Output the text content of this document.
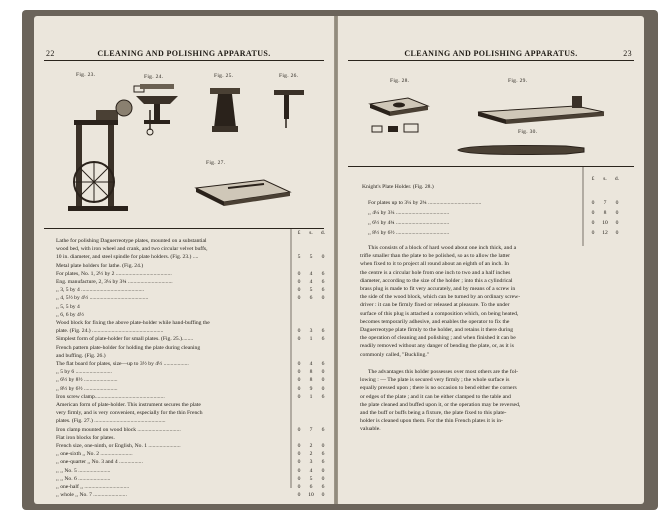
22	CLEANING AND POLISHING APPARATUS.
Fig. 23.	Fig. 24.	Fig. 25.	Fig. 26.
Fig. 27.
£	s.	d.
Lathe for polishing Daguerreotype plates, mounted on a substantial
wood bed, with iron wheel and crank, and two circular velvet buffs,
10 in. diameter, and steel spindle for plate holders. (Fig. 23.) ....	5	5	0
Metal plate holders for lathe. (Fig. 24.)
For plates, No. 1, 2½ by 2 ........................................	0	4	6
Eng. manufacture, 2, 3¼ by 3¾ ................................	0	4	6
,, 3, 5 by 4 .............................................	0	5	6
,, 4, 5½ by 4½ ..........................................	0	6	0
,, 5, 5 by 4
,, 6, 6 by 4½
Wood block for fixing the above plate-holder while hand-buffing the
plate. (Fig. 24.) ...................................................	0	3	6
Simplest form of plate-holder for small plates. (Fig. 25.)........	0	1	6
French pattern plate-holder for holding the plate during cleaning
and buffing. (Fig. 26.)
The flat board for plates, size—up to 3½ by 4½ ..................	0	4	6
,, 5 by 6 ..........................	0	8	0
,, 6½ by 8½ ........................	0	8	0
,, 8½ by 6½ ........................	0	9	0
Iron screw clamp..................................................	0	1	6
American form of plate-holder. This instrument secures the plate
very firmly, and is very convenient, especially for the thin French
plates. (Fig. 27.) ...................................................
Iron clamp mounted on wood block ...............................	0	7	6
Flat iron blocks for plates.
French size, one-ninth, or English, No. 1 .......................	0	2	0
,, one-sixth ,, No. 2 .......................	0	2	6
,, one-quarter ,, No. 3 and 4 .................	0	3	6
,, ,, No. 5 .......................	0	4	0
,, ,, No. 6 .......................	0	5	0
,, one-half ,, ................................	0	6	6
,, whole ,, No. 7 ........................	0	10	0
CLEANING AND POLISHING APPARATUS.	23
Fig. 28.	Fig. 29.
Fig. 30.
£	s.	d.
Knight's Plate Holder. (Fig. 28.)
This consists of a block of hard wood about one inch thick, and a
trifle smaller than the plate to be polished, so as to allow the latter
when fixed to it to project all round about an eighth of an inch. In
the centre is a circular hole from one inch to two and a half inches
diameter, according to the size of the holder ; into this a cylindrical
brass plug is made to fit very accurately, and by means of a screw in
the side of the wood block, which can be turned by an ordinary screw-
driver : it can be firmly fixed or released at pleasure. To the under
surface of this plug is attached a composition which, on being heated,
becomes temporarily adhesive, and enables the operator to fix the
Daguerreotype plate firmly to the holder, and retains it there during
the operation of cleaning and polishing ; and when finished it can be
readily removed without any danger of bending the plate, or, as it is
commonly called, "Buckling."
The advantages this holder possesses over most others are the fol-
lowing : — The plate is secured very firmly ; the whole surface is
equally pressed upon ; there is no occasion to bend either the corners
or edges of the plate ; and it can be either clamped to the table and
the plate cleaned and buffed upon it, or the operation may be reversed,
and the buff or buffs being a fixture, the plate fixed to this plate-
holder is cleaned upon them. For the thin French plates it is in-
valuable.
For plates up to 3¼ by 2¾ ......................................	0	7	0
,, 4¼ by 3¼ ......................................	0	8	0
,, 6½ by 4¾ ......................................	0	10	0
,, 8½ by 6½ ......................................	0	12	0
